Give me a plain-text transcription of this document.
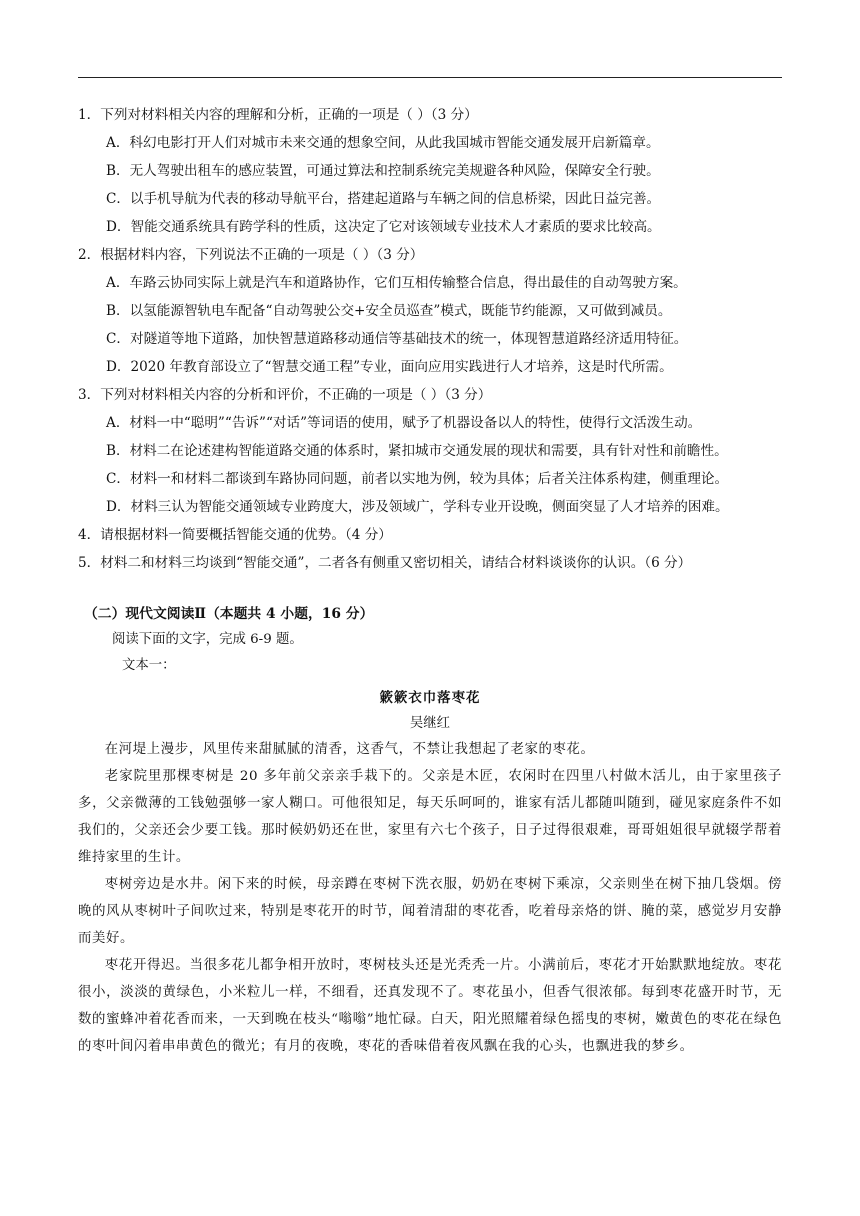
1．下列对材料相关内容的理解和分析，正确的一项是（ ）（3 分）
A．科幻电影打开人们对城市未来交通的想象空间，从此我国城市智能交通发展开启新篇章。
B．无人驾驶出租车的感应装置，可通过算法和控制系统完美规避各种风险，保障安全行驶。
C．以手机导航为代表的移动导航平台，搭建起道路与车辆之间的信息桥梁，因此日益完善。
D．智能交通系统具有跨学科的性质，这决定了它对该领域专业技术人才素质的要求比较高。
2．根据材料内容，下列说法不正确的一项是（ ）（3 分）
A．车路云协同实际上就是汽车和道路协作，它们互相传输整合信息，得出最佳的自动驾驶方案。
B．以氢能源智轨电车配备“自动驾驶公交+安全员巡查”模式，既能节约能源，又可做到减员。
C．对隧道等地下道路，加快智慧道路移动通信等基础技术的统一，体现智慧道路经济适用特征。
D．2020 年教育部设立了“智慧交通工程”专业，面向应用实践进行人才培养，这是时代所需。
3．下列对材料相关内容的分析和评价，不正确的一项是（ ）（3 分）
A．材料一中“聪明”“告诉”“对话”等词语的使用，赋予了机器设备以人的特性，使得行文活泼生动。
B．材料二在论述建构智能道路交通的体系时，紧扣城市交通发展的现状和需要，具有针对性和前瞻性。
C．材料一和材料二都谈到车路协同问题，前者以实地为例，较为具体；后者关注体系构建，侧重理论。
D．材料三认为智能交通领域专业跨度大，涉及领域广，学科专业开设晚，侧面突显了人才培养的困难。
4．请根据材料一简要概括智能交通的优势。（4 分）
5．材料二和材料三均谈到“智能交通”，二者各有侧重又密切相关，请结合材料谈谈你的认识。（6 分）
（二）现代文阅读Ⅱ（本题共 4 小题，16 分）
阅读下面的文字，完成 6-9 题。
文本一：
簌簌衣巾落枣花
吴继红

在河堤上漫步，风里传来甜腻腻的清香，这香气，不禁让我想起了老家的枣花。

老家院里那棵枣树是 20 多年前父亲亲手栽下的。父亲是木匠，农闲时在四里八村做木活儿，由于家里孩子多，父亲微薄的工钱勉强够一家人糊口。可他很知足，每天乐呵呵的，谁家有活儿都随叫随到，碰见家庭条件不如我们的，父亲还会少要工钱。那时候奶奶还在世，家里有六七个孩子，日子过得很艰难，哥哥姐姐很早就辍学帮着维持家里的生计。

枣树旁边是水井。闲下来的时候，母亲蹲在枣树下洗衣服，奶奶在枣树下乘凉，父亲则坐在树下抽几袋烟。傍晚的风从枣树叶子间吹过来，特别是枣花开的时节，闻着清甜的枣花香，吃着母亲烙的饼、腌的菜，感觉岁月安静而美好。

枣花开得迟。当很多花儿都争相开放时，枣树枝头还是光秃秃一片。小满前后，枣花才开始默默地绽放。枣花很小，淡淡的黄绿色，小米粒儿一样，不细看，还真发现不了。枣花虽小，但香气很浓郁。每到枣花盛开时节，无数的蜜蜂冲着花香而来，一天到晚在枝头“嗡嗡”地忙碌。白天，阳光照耀着绿色摇曳的枣树，嫩黄色的枣花在绿色的枣叶间闪着串串黄色的微光；有月的夜晚，枣花的香味借着夜风飘在我的心头，也飘进我的梦乡。
